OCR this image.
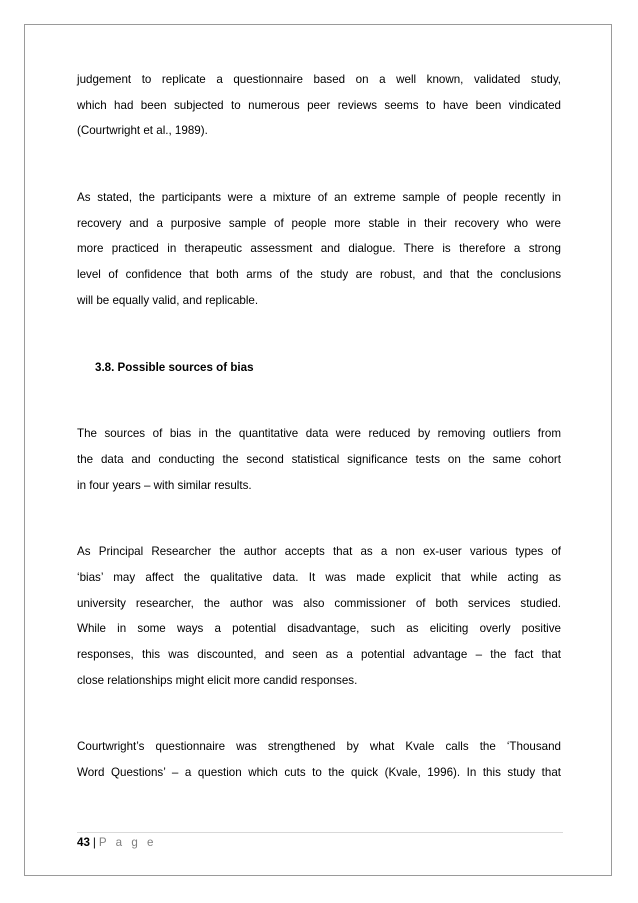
judgement to replicate a questionnaire based on a well known, validated study,
which had been subjected to numerous peer reviews seems to have been vindicated
(Courtwright et al., 1989).

As stated, the participants were a mixture of an extreme sample of people recently in
recovery and a purposive sample of people more stable in their recovery who were
more practiced in therapeutic assessment and dialogue. There is therefore a strong
level of confidence that both arms of the study are robust, and that the conclusions
will be equally valid, and replicable.

3.8. Possible sources of bias

The sources of bias in the quantitative data were reduced by removing outliers from
the data and conducting the second statistical significance tests on the same cohort
in four years – with similar results.

As Principal Researcher the author accepts that as a non ex-user various types of
‘bias’ may affect the qualitative data. It was made explicit that while acting as
university researcher, the author was also commissioner of both services studied.
While in some ways a potential disadvantage, such as eliciting overly positive
responses, this was discounted, and seen as a potential advantage – the fact that
close relationships might elicit more candid responses.

Courtwright’s questionnaire was strengthened by what Kvale calls the ‘Thousand
Word Questions’ – a question which cuts to the quick (Kvale, 1996). In this study that

43 | P a g e
